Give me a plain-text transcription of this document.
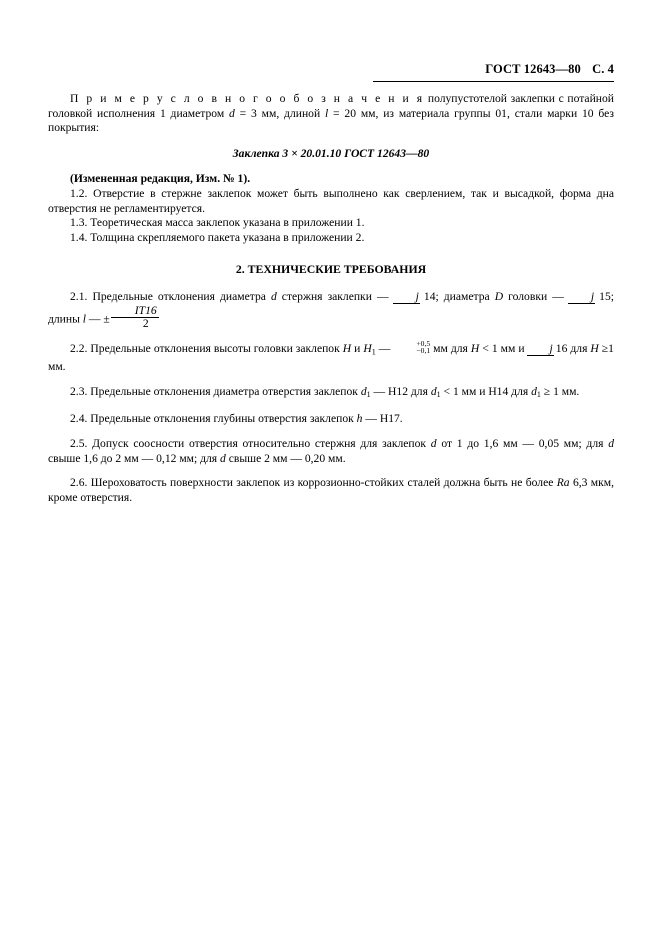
ГОСТ 12643—80 С. 4

П р и м е р у с л о в н о г о о б о з н а ч е н и я полупустотелой заклепки с потайной головкой исполнения 1 диаметром d = 3 мм, длиной l = 20 мм, из материала группы 01, стали марки 10 без покрытия:

Заклепка 3 × 20.01.10 ГОСТ 12643—80

(Измененная редакция, Изм. № 1).

1.2. Отверстие в стержне заклепок может быть выполнено как сверлением, так и высадкой, форма дна отверстия не регламентируется.

1.3. Теоретическая масса заклепок указана в приложении 1.

1.4. Толщина скрепляемого пакета указана в приложении 2.

2. ТЕХНИЧЕСКИЕ ТРЕБОВАНИЯ

2.1. Предельные отклонения диаметра d стержня заклепки — j 14; диаметра D головки — j 15; длины l — ± $\frac{IT16}{2}$

2.2. Предельные отклонения высоты головки заклепок H и $H_1$ —	+0,5
−0,1 мм для H < 1 мм и j 16 для H ≥1 мм.

2.3. Предельные отклонения диаметра отверстия заклепок $d_1$ — Н12 для $d_1 < 1$ мм и Н14 для $d_1 \ge 1$ мм.

2.4. Предельные отклонения глубины отверстия заклепок h — Н17.

2.5. Допуск соосности отверстия относительно стержня для заклепок d от 1 до 1,6 мм — 0,05 мм; для d свыше 1,6 до 2 мм — 0,12 мм; для d свыше 2 мм — 0,20 мм.

2.6. Шероховатость поверхности заклепок из коррозионно-стойких сталей должна быть не более Ra 6,3 мкм, кроме отверстия.
